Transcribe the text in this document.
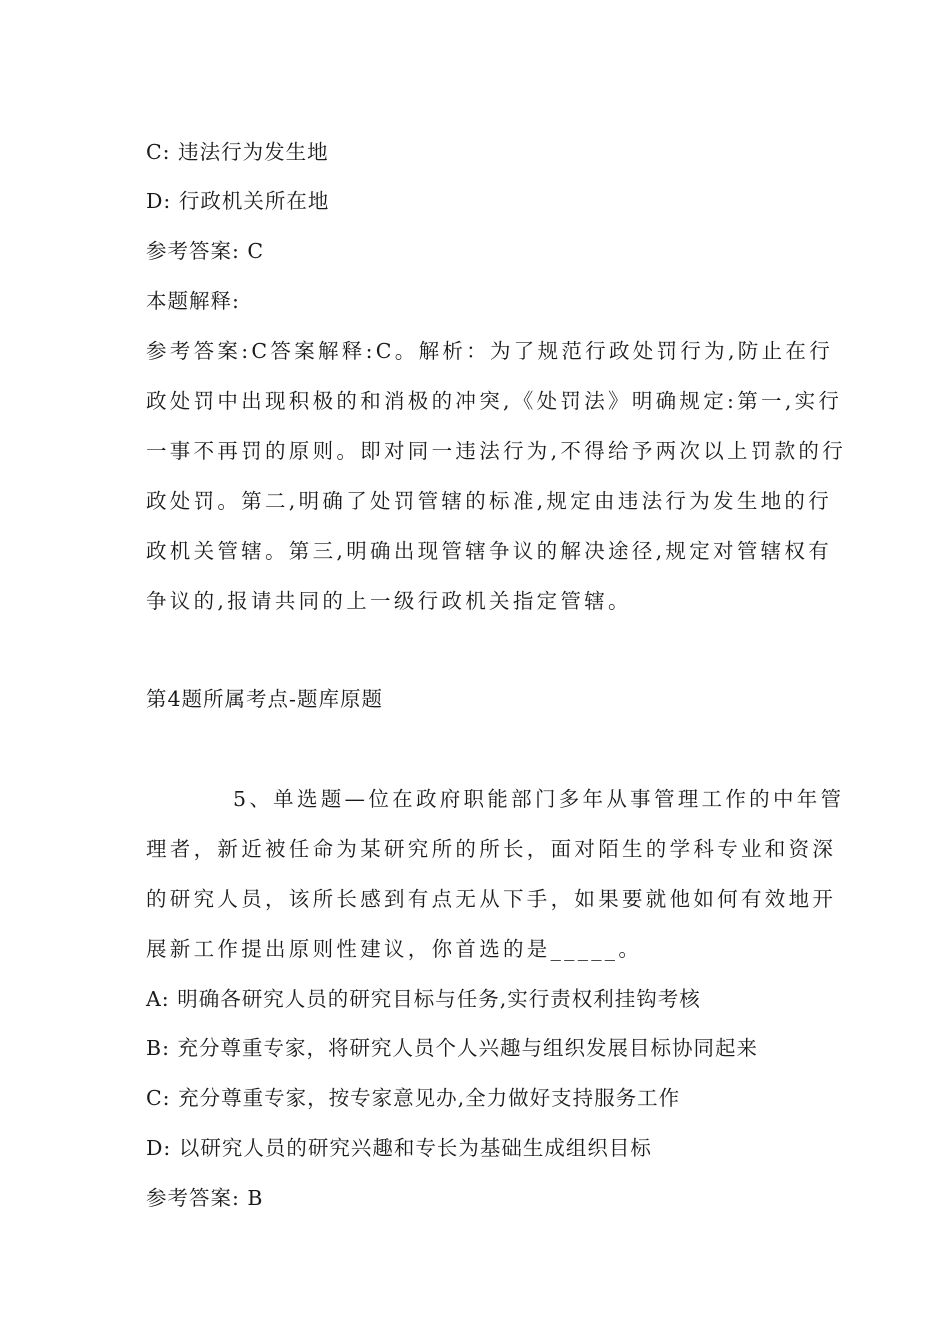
C: 违法行为发生地
D: 行政机关所在地
参考答案: C
本题解释:
参考答案:C答案解释:C。解析：为了规范行政处罚行为,防止在行
政处罚中出现积极的和消极的冲突,《处罚法》明确规定:第一,实行
一事不再罚的原则。即对同一违法行为,不得给予两次以上罚款的行
政处罚。第二,明确了处罚管辖的标准,规定由违法行为发生地的行
政机关管辖。第三,明确出现管辖争议的解决途径,规定对管辖权有
争议的,报请共同的上一级行政机关指定管辖。
第4题所属考点-题库原题
5、单选题—位在政府职能部门多年从事管理工作的中年管
理者，新近被任命为某研究所的所长，面对陌生的学科专业和资深
的研究人员，该所长感到有点无从下手，如果要就他如何有效地开
展新工作提出原则性建议，你首选的是_____。
A: 明确各研究人员的研究目标与任务,实行责权利挂钩考核
B: 充分尊重专家，将研究人员个人兴趣与组织发展目标协同起来
C: 充分尊重专家，按专家意见办,全力做好支持服务工作
D: 以研究人员的研究兴趣和专长为基础生成组织目标
参考答案: B
